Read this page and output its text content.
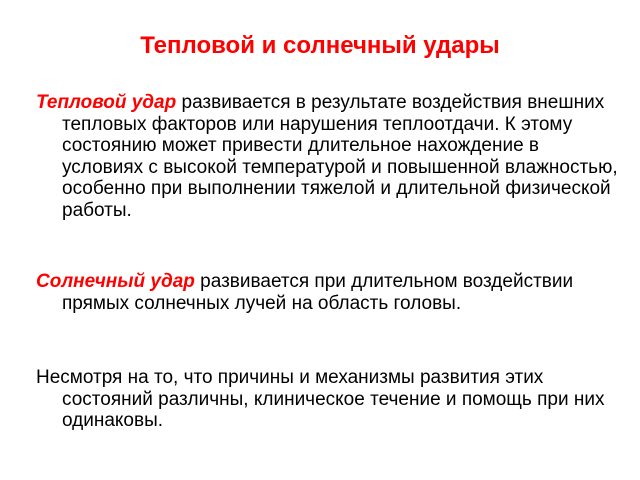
Тепловой и солнечный удары
Тепловой удар развивается в результате воздействия внешних тепловых факторов или нарушения теплоотдачи. К этому состоянию может привести длительное нахождение в условиях с высокой температурой и повышенной влажностью, особенно при выполнении тяжелой и длительной физической работы.
Солнечный удар развивается при длительном воздействии прямых солнечных лучей на область головы.
Несмотря на то, что причины и механизмы развития этих состояний различны, клиническое течение и помощь при них одинаковы.
